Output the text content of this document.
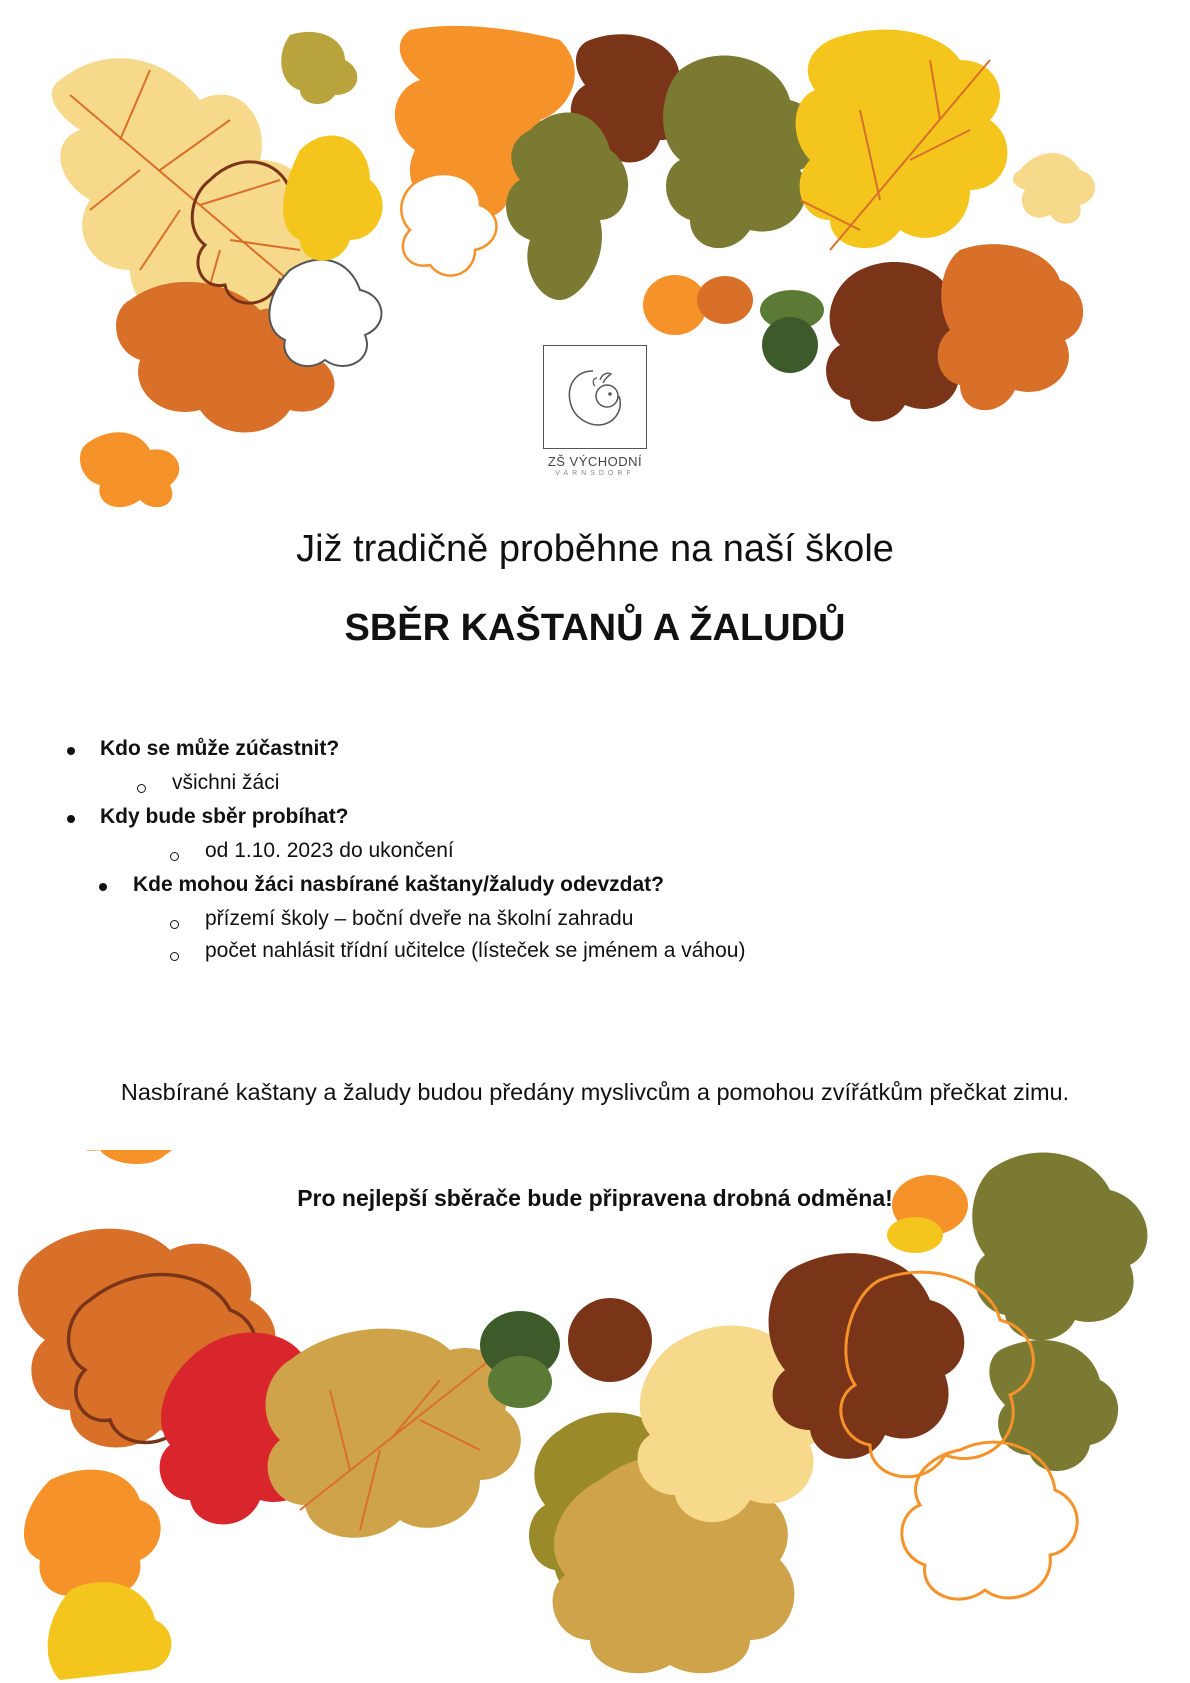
ZŠ VÝCHODNÍ
VARNSDORF
Již tradičně proběhne na naší škole
SBĚR KAŠTANŮ A ŽALUDŮ
Kdo se může zúčastnit?
všichni žáci
Kdy bude sběr probíhat?
od 1.10. 2023 do ukončení
Kde mohou žáci nasbírané kaštany/žaludy odevzdat?
přízemí školy – boční dveře na školní zahradu
počet nahlásit třídní učitelce (lísteček se jménem a váhou)
Nasbírané kaštany a žaludy budou předány myslivcům a pomohou zvířátkům přečkat zimu.
Pro nejlepší sběrače bude připravena drobná odměna!
